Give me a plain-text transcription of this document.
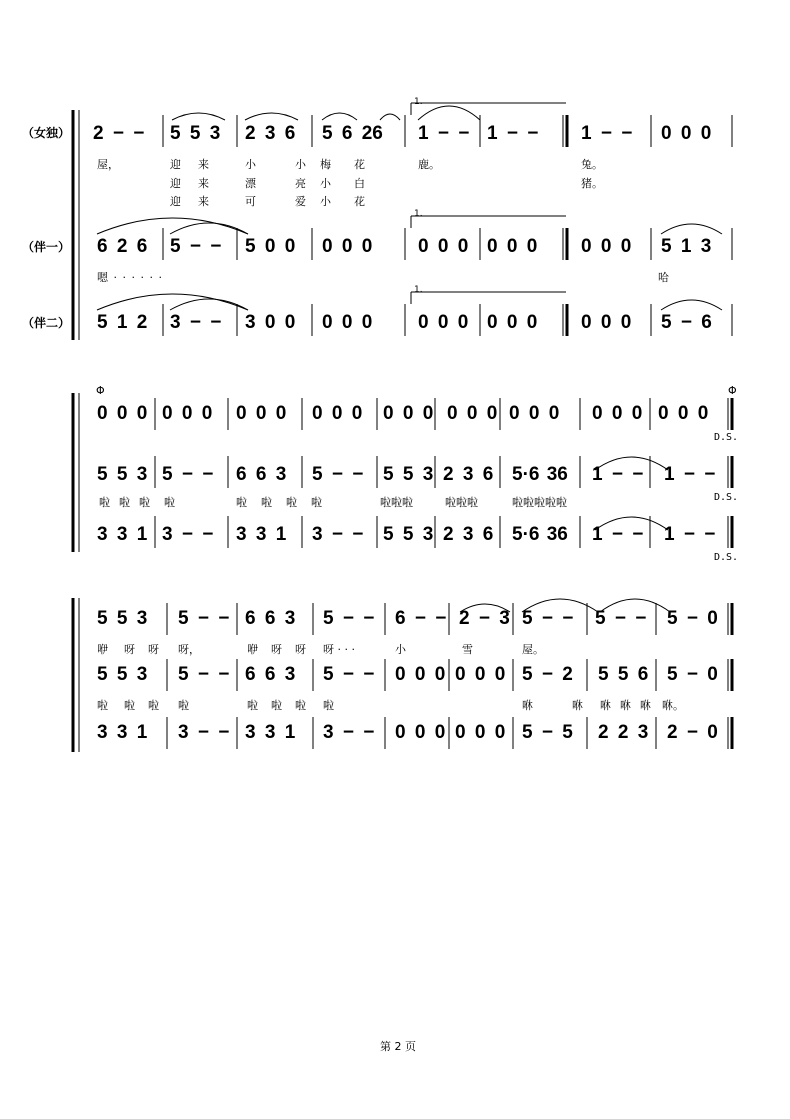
（女独）
（伴一）
（伴二）
2 − − 5 5 3 2 3 6 5 6 26 1 − − 1 − − 1 − − 0 0 0
屋，	迎 来	小	小 梅 花	鹿。	兔。
迎 来	漂	亮 小 白	猪。
迎 来	可	爱 小 花
6 2 6 5 − − 5 0 0 0 0 0 0 0 0 0 0 0 0 0 0 5 1 3
嗯 · · · · · ·	哈
5 1 2 3 − − 3 0 0 0 0 0 0 0 0 0 0 0 0 0 0 5 − 6
1.
1.
1.
Φ	Φ
0 0 0 0 0 0 0 0 0 0 0 0 0 0 0 0 0 0 0 0 0 0 0 0 0 0 0
D.S.
5 5 3 5 − − 6 6 3 5 − − 5 5 3 2 3 6 5·6 36 1 − − 1 − −
D.S.
啦 啦 啦 啦	啦 啦 啦 啦	啦啦啦	啦啦啦	啦啦啦啦啦
3 3 1 3 − − 3 3 1 3 − − 5 5 3 2 3 6 5·6 36 1 − − 1 − −
D.S.
5 5 3 5 − − 6 6 3 5 − − 6 − − 2 − 3 5 − − 5 − − 5 − 0
咿 呀 呀 呀，	咿 呀 呀 呀 · · ·	小	雪	屋。
5 5 3 5 − − 6 6 3 5 − − 0 0 0 0 0 0 5 − 2 5 5 6 5 − 0
啦 啦 啦 啦	啦 啦 啦 啦	咻	咻 咻 咻 咻 咻。
3 3 1 3 − − 3 3 1 3 − − 0 0 0 0 0 0 5 − 5 2 2 3 2 − 0
第 2 页
